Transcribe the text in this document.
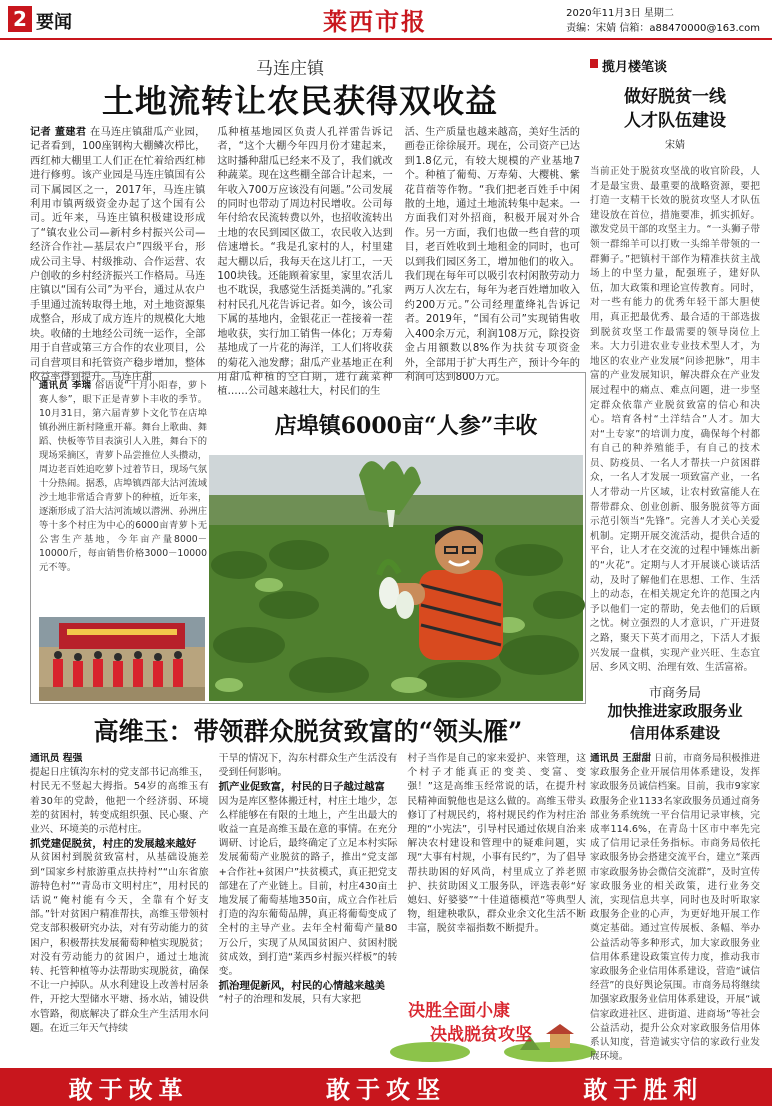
2 要闻	莱西市报	2020年11月3日 星期二
责编：宋婧 信箱：a88470000@163.com
马连庄镇
土地流转让农民获得双收益
记者 董建君 在马连庄镇甜瓜产业园，记者看到，100座钢构大棚鳞次栉比，西红柿大棚里工人们正在忙着给西红柿进行修剪。该产业园是马连庄镇国有公司下属园区之一，2017年，马连庄镇利用市镇两级资金办起了这个国有公司。近年来，马连庄镇积极建设形成了“镇农业公司—新村乡村振兴公司—经济合作社—基层农户”四级平台，形成公司主导、村级推动、合作运营、农户创收的乡村经济振兴工作格局。马连庄镇以“国有公司”为平台，通过从农户手里通过流转取得土地，对土地资源集成整合，形成了成方连片的规模化大地块。收储的土地经公司统一运作，全部用于自营或第三方合作的农业项目，公司自营项目和托管资产稳步增加，整体收益率得到提升。马连庄甜
瓜种植基地园区负责人孔祥雷告诉记者，“这个大棚今年四月份才建起来，这时播种甜瓜已经来不及了，我们就改种蔬菜。现在这些棚全部合计起来，一年收入700万应该没有问题。”公司发展的同时也带动了周边村民增收。公司每年付给农民流转费以外，也招收流转出土地的农民到园区做工，农民收入达到倍速增长。“我是孔家村的人，村里建起大棚以后，我每天在这儿打工，一天100块钱。还能顾着家里，家里农活儿也不耽误，我感觉生活挺美满的。”孔家村村民孔凡花告诉记者。如今，该公司下属的基地内，金银花正一茬接着一茬地收获，实行加工销售一体化；万寿菊基地成了一片花的海洋，工人们将收获的菊花入池发酵；甜瓜产业基地正在利用甜瓜种植的空白期，进行蔬菜种植……公司越来越壮大，村民们的生
活、生产质量也越来越高，美好生活的画卷正徐徐展开。现在，公司资产已达到1.8亿元，有较大规模的产业基地7个。种植了葡萄、万寿菊、大樱桃、紫花苜蓿等作物。“我们把老百姓手中闲散的土地，通过土地流转集中起来。一方面我们对外招商，积极开展对外合作。另一方面，我们也做一些自营的项目，老百姓收到土地租金的同时，也可以到我们园区务工，增加他们的收入。我们现在每年可以吸引农村闲散劳动力两万人次左右，每年为老百姓增加收入约200万元。”公司经理董绛礼告诉记者。2019年，“国有公司”实现销售收入400余万元，利润108万元，除投资金占用额数以8%作为扶贫专项资金外，全部用于扩大再生产，预计今年的利润可达到800万元。
揽月楼笔谈
做好脱贫一线
人才队伍建设
宋婧
当前正处于脱贫攻坚战的收官阶段，人才是最宝贵、最重要的战略资源，要把打造一支精干长效的脱贫攻坚人才队伍建设放在首位，措施要准，抓实抓好。激发党员干部的攻坚主力。“一头狮子带领一群绵羊可以打败一头绵羊带领的一群狮子。”把镇村干部作为精准扶贫主战场上的中坚力量，配强班子，建好队伍，加大政策和理论宣传教育。同时，对一些有能力的优秀年轻干部大胆使用，真正把最优秀、最合适的干部选拔到脱贫攻坚工作最需要的领导岗位上来。大力引进农业专业技术型人才，为地区的农业产业发展“问诊把脉”，用丰富的产业发展知识，解决群众在产业发展过程中的痛点、难点问题，进一步坚定群众依靠产业脱贫致富的信心和决心。培育各村“土洋结合”人才。加大对“土专家”的培训力度，确保每个村都有自己的种养殖能手，有自己的技术员、防疫员、一名人才帮扶一户贫困群众，一名人才发展一项致富产业，一名人才带动一片区域，让农村致富能人在帮带群众、创业创新、服务脱贫等方面示范引领当“先锋”。完善人才关心关爱机制。定期开展交流活动，提供合适的平台，让人才在交流的过程中锤炼出新的“火花”。定期与人才开展谈心谈话活动，及时了解他们在思想、工作、生活上的动态，在相关规定允许的范围之内予以他们一定的帮助，免去他们的后顾之忧。树立强烈的人才意识，广开进贤之路，聚天下英才而用之，下活人才振兴发展一盘棋，实现产业兴旺、生态宜居、乡风文明、治理有效、生活富裕。
通讯员 李瑞 俗语说“十月小阳春，萝卜赛人参”，眼下正是青萝卜丰收的季节。10月31日，第六届青萝卜文化节在店埠镇孙洲庄新村隆重开幕。舞台上歌曲、舞蹈、快板等节目表演引人入胜，舞台下的现场采摘区，青萝卜品尝推位人头攒动，周边老百姓追吃萝卜过着节日，现场气氛十分热闹。据悉，店埠镇西部大沽河流域沙土地非常适合青萝卜的种植，近年来，逐渐形成了沿大沽河流域以潜洲、孙洲庄等十多个村庄为中心的6000亩青萝卜无公害生产基地，今年亩产量8000－10000斤，每亩销售价格3000－10000元不等。
店埠镇6000亩“人参”丰收
高维玉：带领群众脱贫致富的“领头雁”
通讯员 程强
提起日庄镇沟东村的党支部书记高维玉，村民无不竖起大拇指。54岁的高维玉有着30年的党龄，他把一个经济弱、环境差的贫困村，转变成组织强、民心聚、产业兴、环境美的示范村庄。
抓党建促脱贫，村庄的发展越来越好
从贫困村到脱贫致富村，从基础设施差到“国家乡村旅游重点扶持村”“山东省旅游特色村”“青岛市文明村庄”，用村民的话说“俺村能有今天，全靠有个好支部。”针对贫困户精准帮扶，高维玉带领村党支部积极研究办法，对有劳动能力的贫困户，积极帮扶发展葡萄种植实现脱贫；对没有劳动能力的贫困户，通过土地流转、托管种植等办法帮助实现脱贫，确保不让一户掉队。从水利建设上改善村居条件，开挖大型储水平塘、扬水站，铺设供水管路，彻底解决了群众生产生活用水问题。在近三年天气持续
干旱的情况下，沟东村群众生产生活没有受到任何影响。
抓产业促致富，村民的日子越过越富
因为是库区整体搬迁村，村庄土地少，怎么样能够在有限的土地上，产生出最大的收益一直是高维玉最在意的事情。在充分调研、讨论后，最终确定了立足本村实际发展葡萄产业脱贫的路子，推出“党支部+合作社+贫困户”扶贫模式，真正把党支部建在了产业链上。目前，村庄430亩土地发展了葡萄基地350亩，成立合作社后打造的沟东葡萄品牌，真正将葡萄变成了全村的主导产业。去年全村葡萄产量80万公斤，实现了从凤国贫困户、贫困村脱贫成效，到打造“莱西乡村振兴样板”的转变。
抓治理促新风，村民的心情越来越美
“村子的治理和发展，只有大家把
村子当作是自己的家来爱护、来管理，这个村子才能真正的变美、变富、变强！”这是高维玉经常说的话，在提升村民精神面貌他也是这么做的。高维玉带头修订了村规民约，将村规民约作为村庄治理的“小宪法”，引导村民通过依规自治来解决农村建设和管理中的疑难问题，实现“大事有村规，小事有民约”，为了倡导帮扶助困的好风尚，村里成立了养老照护、扶贫助困义工服务队，评选表彰“好媳妇、好婆婆”“十佳道德模范”等典型人物，组建秧歌队，群众业余文化生活不断丰富，脱贫幸福指数不断提升。
决胜全面小康
决战脱贫攻坚
市商务局
加快推进家政服务业
信用体系建设
通讯员 王甜甜 日前，市商务局积极推进家政服务企业开展信用体系建设，发挥家政服务员诚信档案。目前，我市9家家政服务企业1133名家政服务员通过商务部业务系统统一平台信用记录审核，完成率114.6%，在青岛十区市中率先完成了信用记录任务指标。市商务局依托家政服务协会搭建交流平台，建立“莱西市家政服务协会微信交流群”，及时宣传家政服务业的相关政策，进行业务交流，实现信息共享，同时也及时听取家政服务企业的心声，为更好地开展工作奠定基础。通过宣传展板、条幅、举办公益活动等多种形式，加大家政服务业信用体系建设政策宣传力度，推动我市家政服务企业信用体系建设，营造“诚信经营”的良好舆论氛围。市商务局将继续加强家政服务业信用体系建设，开展“诚信家政进社区、进街道、进商场”等社会公益活动，提升公众对家政服务信用体系认知度，营造诚实守信的家政行业发展环境。
敢于改革	敢于攻坚	敢于胜利
